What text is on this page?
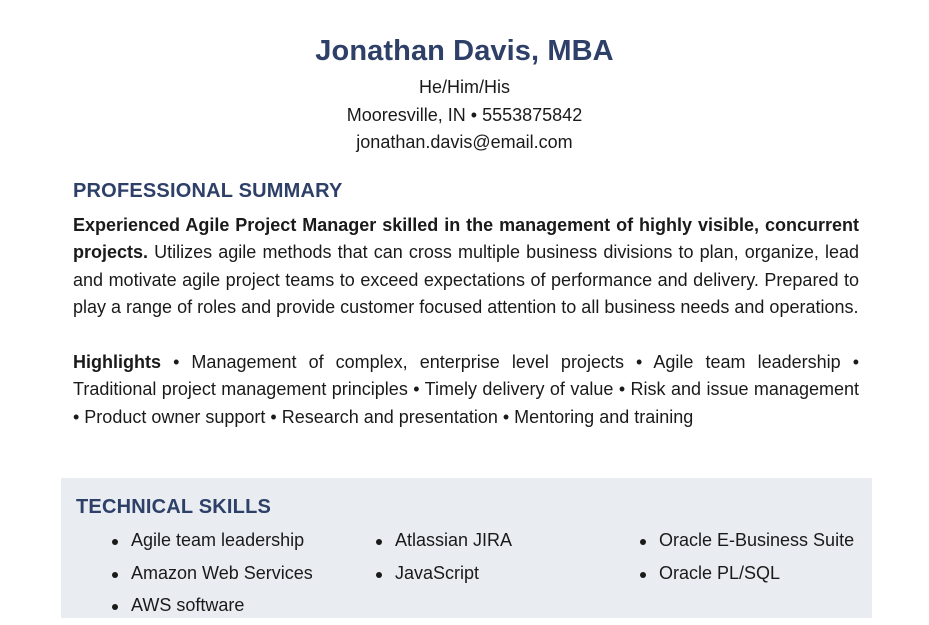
Jonathan Davis, MBA
He/Him/His
Mooresville, IN • 5553875842
jonathan.davis@email.com
PROFESSIONAL SUMMARY

Experienced Agile Project Manager skilled in the management of highly visible, concurrent projects. Utilizes agile methods that can cross multiple business divisions to plan, organize, lead and motivate agile project teams to exceed expectations of performance and delivery. Prepared to play a range of roles and provide customer focused attention to all business needs and operations.

Highlights • Management of complex, enterprise level projects • Agile team leadership • Traditional project management principles • Timely delivery of value • Risk and issue management • Product owner support • Research and presentation • Mentoring and training

TECHNICAL SKILLS
Agile team leadership
Amazon Web Services
AWS software
Atlassian JIRA
JavaScript
Oracle E-Business Suite
Oracle PL/SQL
